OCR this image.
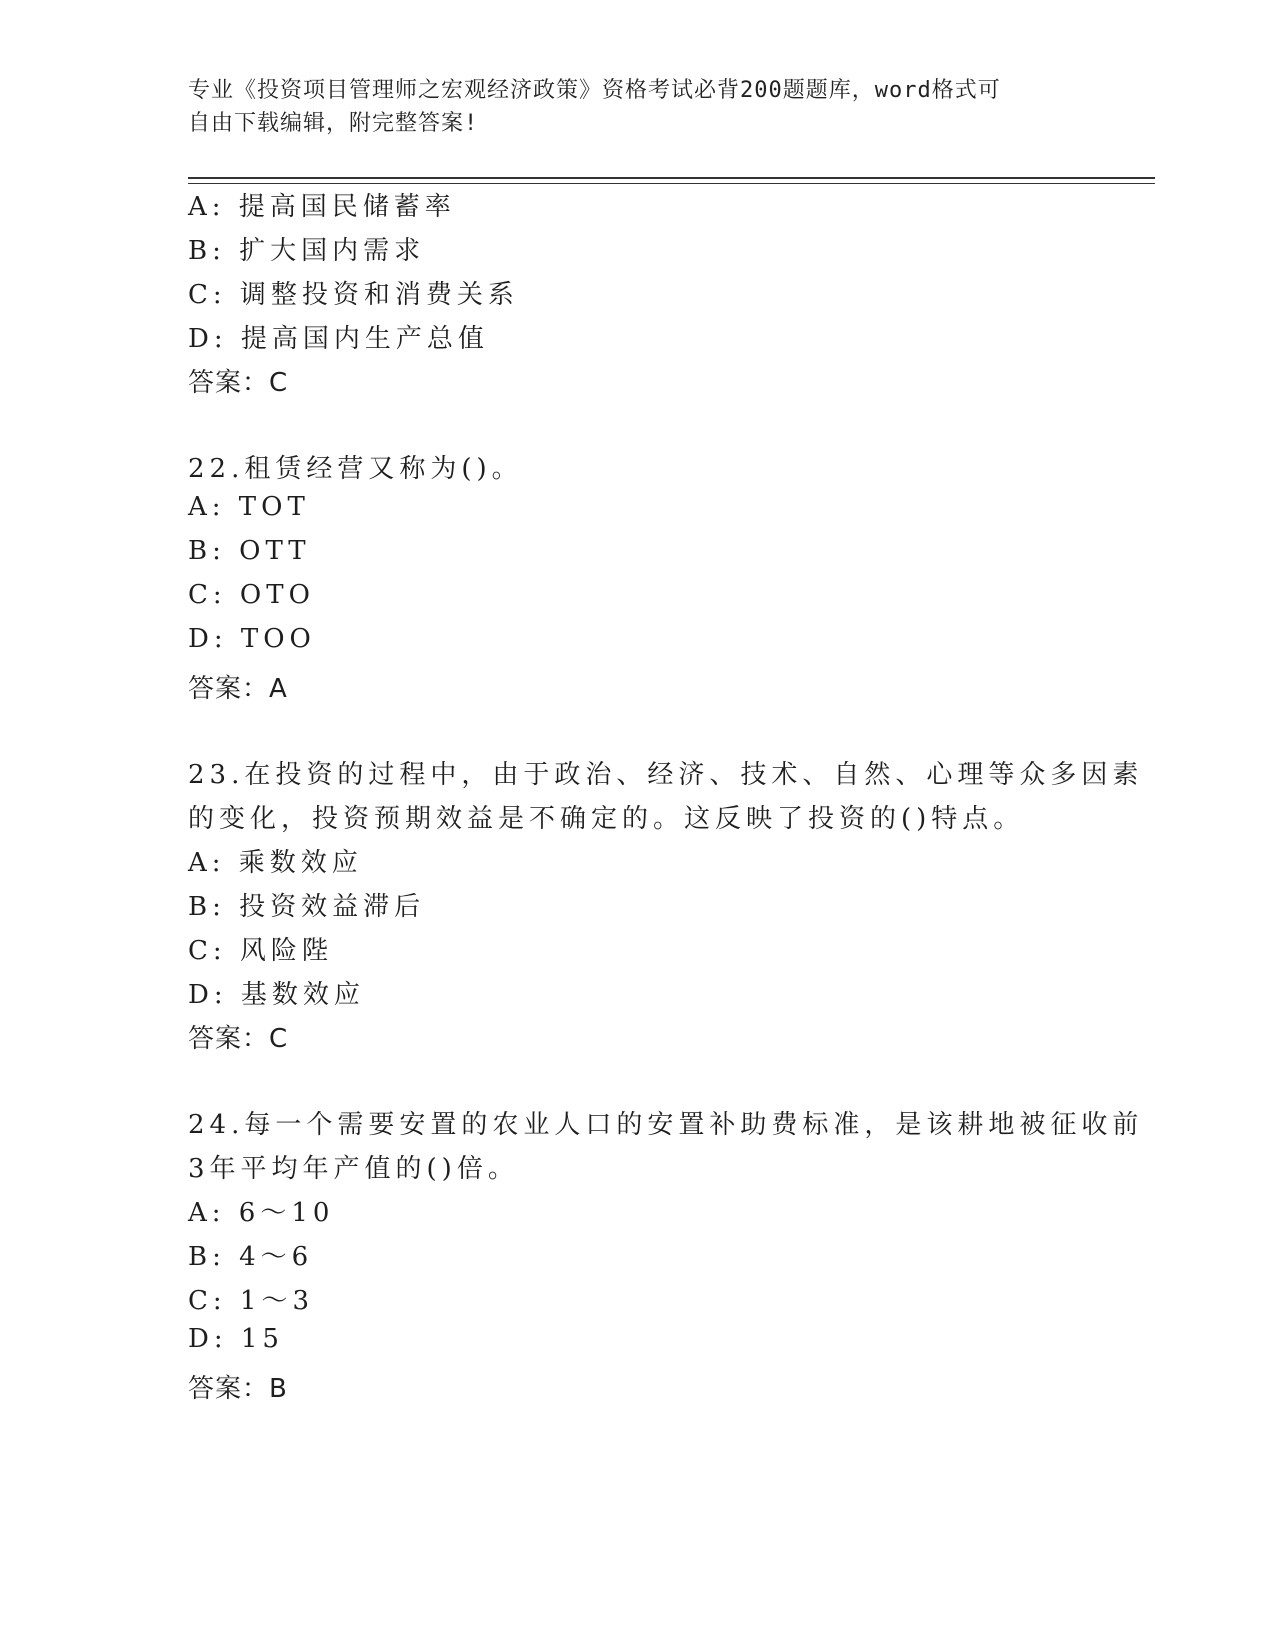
专业《投资项目管理师之宏观经济政策》资格考试必背200题题库，word格式可
自由下载编辑，附完整答案!
A: 提高国民储蓄率
B: 扩大国内需求
C: 调整投资和消费关系
D: 提高国内生产总值
答案：C
22.租赁经营又称为()。
A: TOT
B: OTT
C: OTO
D: TOO
答案：A
23.在投资的过程中，由于政治、经济、技术、自然、心理等众多因素
的变化，投资预期效益是不确定的。这反映了投资的()特点。
A: 乘数效应
B: 投资效益滞后
C: 风险陛
D: 基数效应
答案：C
24.每一个需要安置的农业人口的安置补助费标准，是该耕地被征收前
3年平均年产值的()倍。
A: 6～10
B: 4～6
C: 1～3
D: 15
答案：B
